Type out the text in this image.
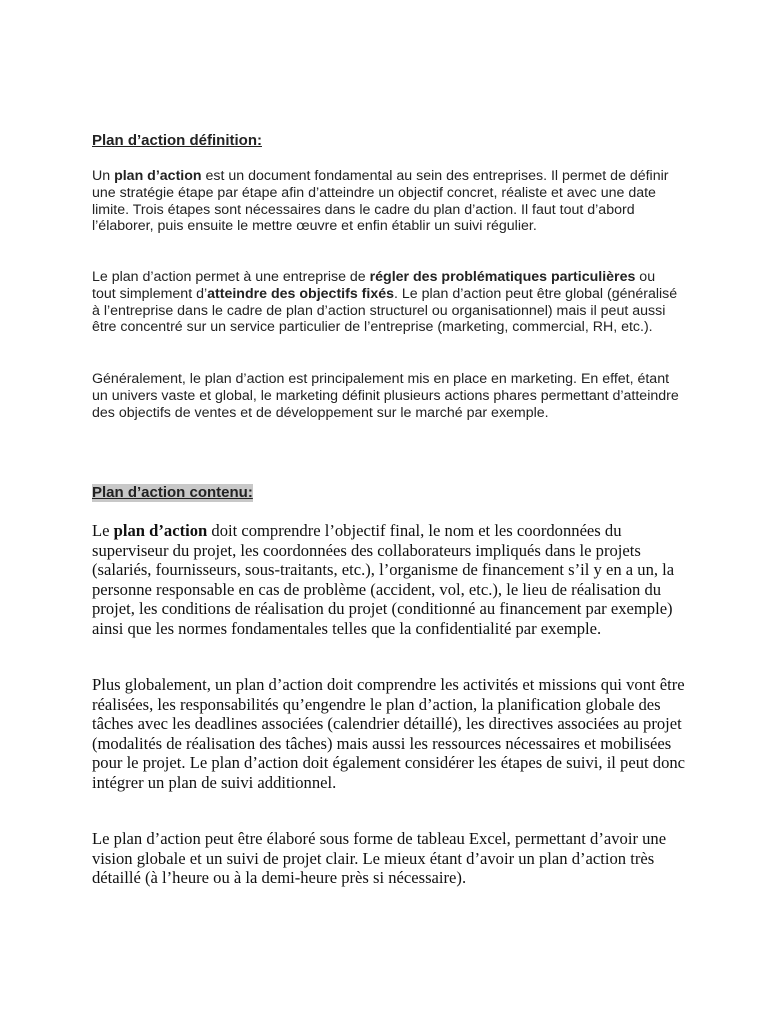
Plan d’action définition:

Un plan d’action est un document fondamental au sein des entreprises. Il permet de définir une stratégie étape par étape afin d’atteindre un objectif concret, réaliste et avec une date limite. Trois étapes sont nécessaires dans le cadre du plan d’action. Il faut tout d’abord l’élaborer, puis ensuite le mettre œuvre et enfin établir un suivi régulier.

Le plan d’action permet à une entreprise de régler des problématiques particulières ou tout simplement d’atteindre des objectifs fixés. Le plan d’action peut être global (généralisé à l’entreprise dans le cadre de plan d’action structurel ou organisationnel) mais il peut aussi être concentré sur un service particulier de l’entreprise (marketing, commercial, RH, etc.).

Généralement, le plan d’action est principalement mis en place en marketing. En effet, étant un univers vaste et global, le marketing définit plusieurs actions phares permettant d’atteindre des objectifs de ventes et de développement sur le marché par exemple.

Plan d’action contenu:

Le plan d’action doit comprendre l’objectif final, le nom et les coordonnées du superviseur du projet, les coordonnées des collaborateurs impliqués dans le projets (salariés, fournisseurs, sous-traitants, etc.), l’organisme de financement s’il y en a un, la personne responsable en cas de problème (accident, vol, etc.), le lieu de réalisation du projet, les conditions de réalisation du projet (conditionné au financement par exemple) ainsi que les normes fondamentales telles que la confidentialité par exemple.

Plus globalement, un plan d’action doit comprendre les activités et missions qui vont être réalisées, les responsabilités qu’engendre le plan d’action, la planification globale des tâches avec les deadlines associées (calendrier détaillé), les directives associées au projet (modalités de réalisation des tâches) mais aussi les ressources nécessaires et mobilisées pour le projet. Le plan d’action doit également considérer les étapes de suivi, il peut donc intégrer un plan de suivi additionnel.

Le plan d’action peut être élaboré sous forme de tableau Excel, permettant d’avoir une vision globale et un suivi de projet clair. Le mieux étant d’avoir un plan d’action très détaillé (à l’heure ou à la demi-heure près si nécessaire).
